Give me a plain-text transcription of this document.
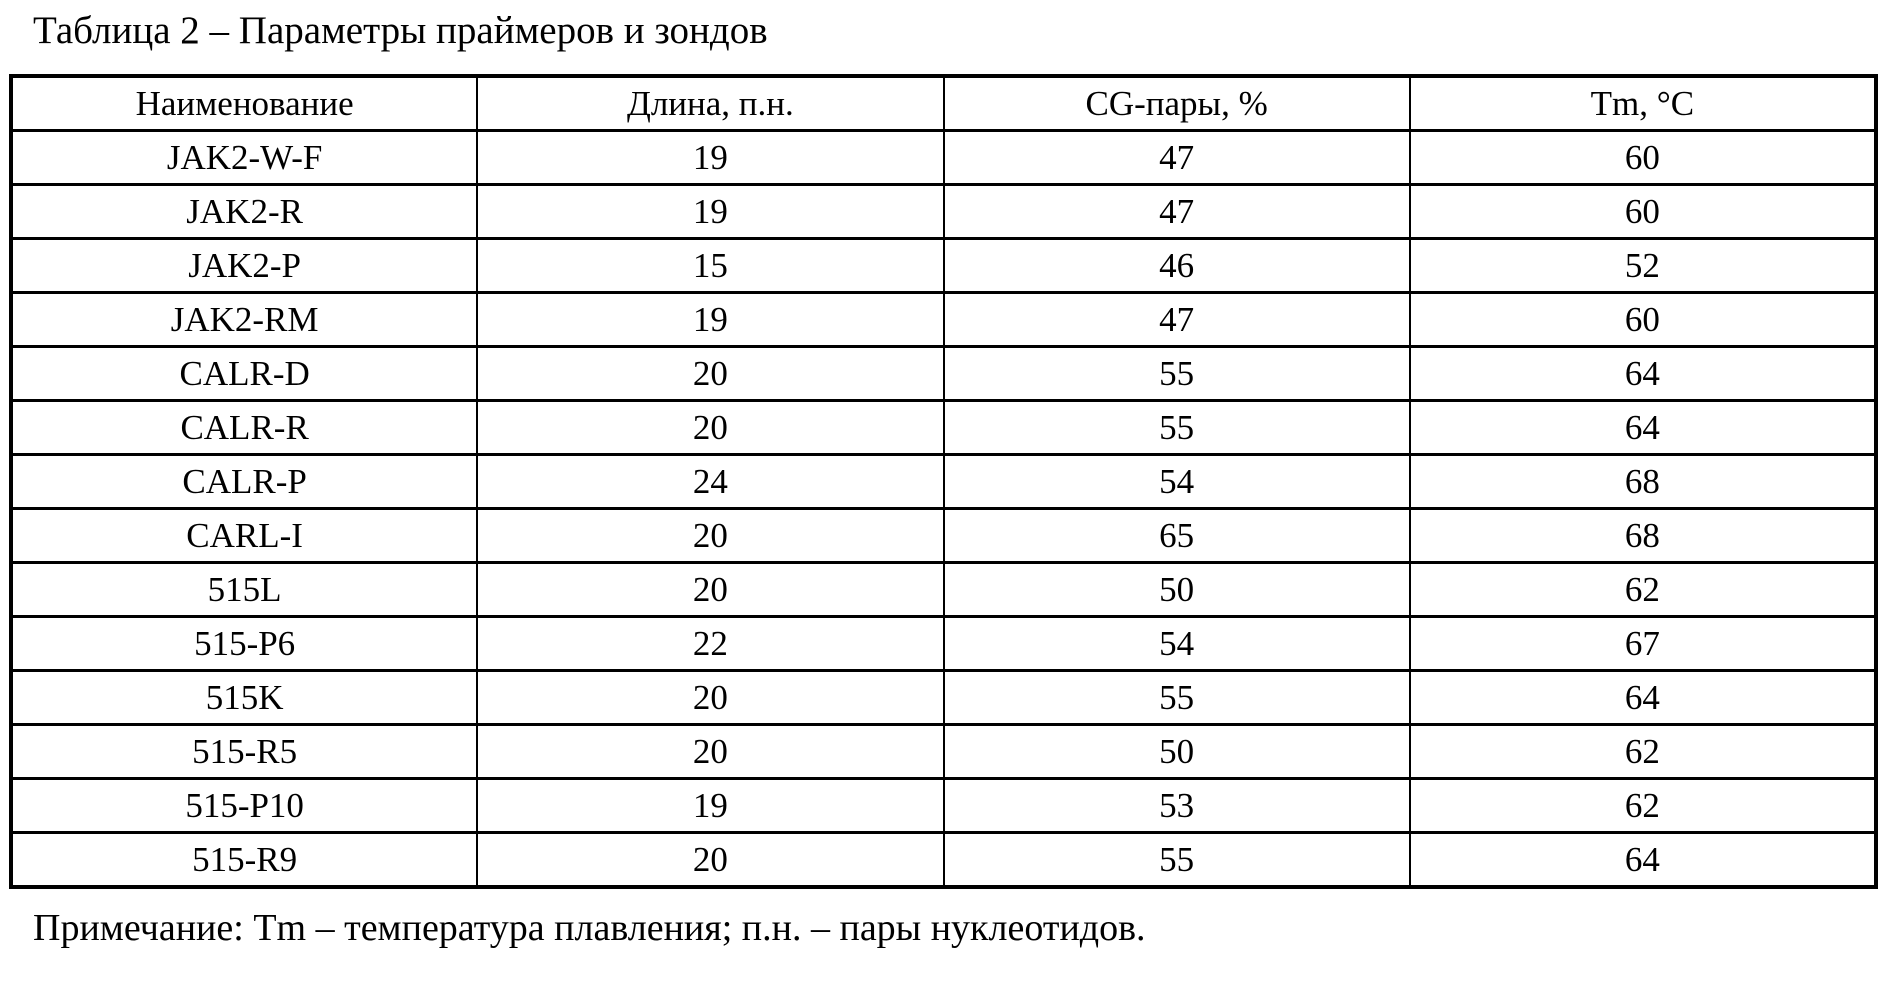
Таблица 2 – Параметры праймеров и зондов
Наименование	Длина, п.н.	CG-пары, %	Tm, °C
JAK2-W-F	19	47	60
JAK2-R	19	47	60
JAK2-P	15	46	52
JAK2-RM	19	47	60
CALR-D	20	55	64
CALR-R	20	55	64
CALR-P	24	54	68
CARL-I	20	65	68
515L	20	50	62
515-P6	22	54	67
515K	20	55	64
515-R5	20	50	62
515-P10	19	53	62
515-R9	20	55	64
Примечание: Tm – температура плавления; п.н. – пары нуклеотидов.
